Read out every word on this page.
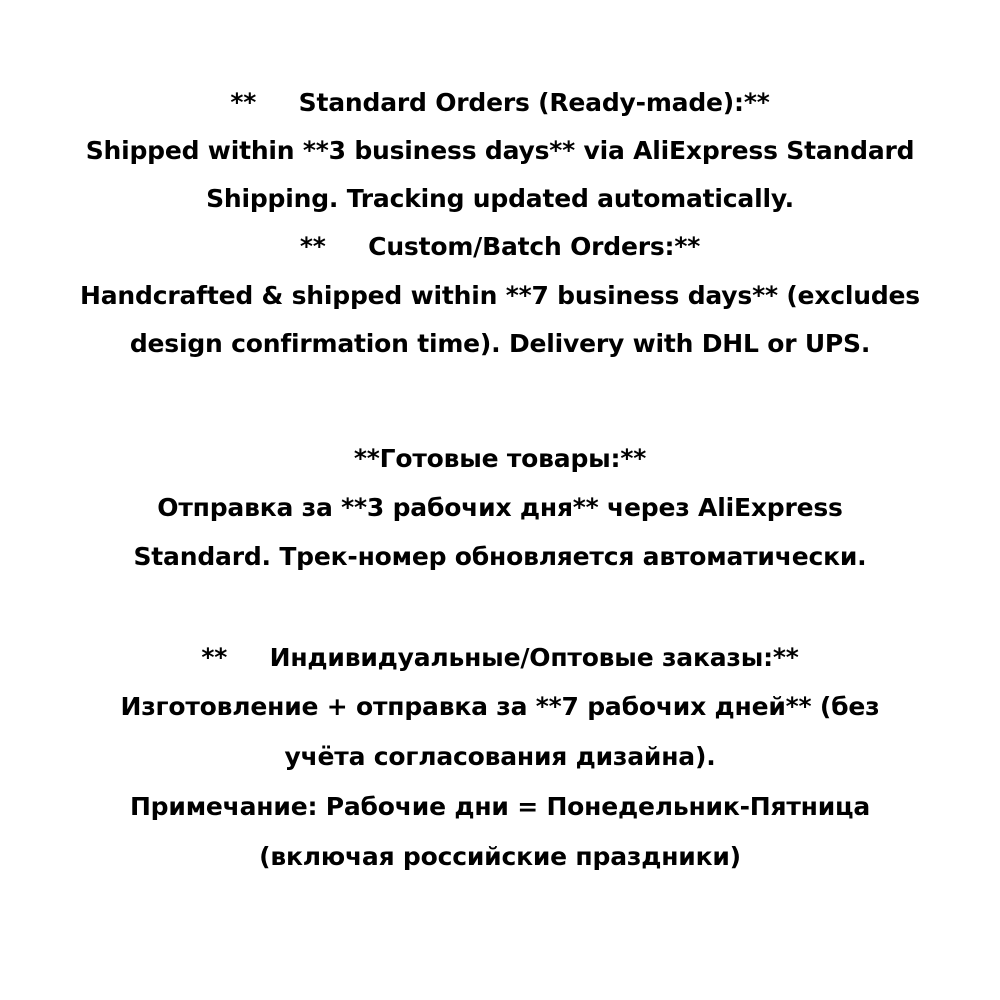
**     Standard Orders (Ready-made):**
Shipped within **3 business days** via AliExpress Standard
Shipping. Tracking updated automatically.
**     Custom/Batch Orders:**
Handcrafted & shipped within **7 business days** (excludes
design confirmation time). Delivery with DHL or UPS.
**Готовые товары:**
Отправка за **3 рабочих дня** через AliExpress
Standard. Трек-номер обновляется автоматически.
**     Индивидуальные/Оптовые заказы:**
Изготовление + отправка за **7 рабочих дней** (без
учёта согласования дизайна).
Примечание: Рабочие дни = Понедельник-Пятница
(включая российские праздники)
